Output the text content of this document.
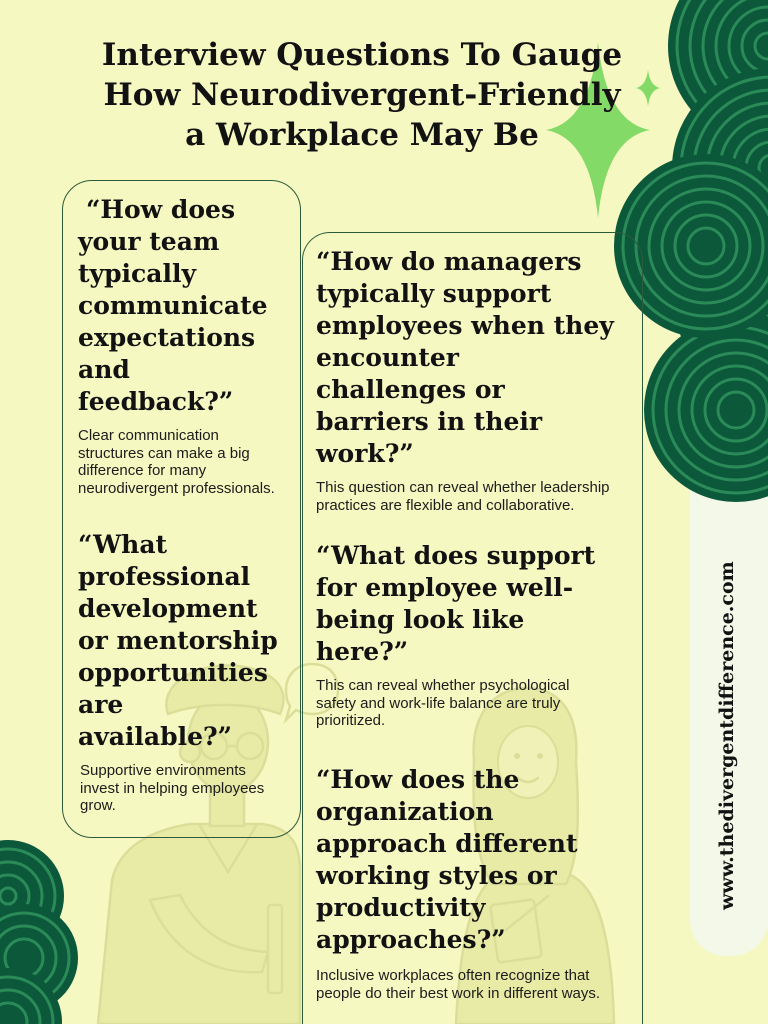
www.thedivergentdifference.com
Interview Questions To Gauge
How Neurodivergent-Friendly
a Workplace May Be
“How does
your team
typically
communicate
expectations
and
feedback?”
Clear communication
structures can make a big
difference for many
neurodivergent professionals.
“What
professional
development
or mentorship
opportunities
are
available?”
Supportive environments
invest in helping employees
grow.
“How do managers
typically support
employees when they
encounter
challenges or
barriers in their
work?”
This question can reveal whether leadership
practices are flexible and collaborative.
“What does support
for employee well-
being look like
here?”
This can reveal whether psychological
safety and work-life balance are truly
prioritized.
“How does the
organization
approach different
working styles or
productivity
approaches?”
Inclusive workplaces often recognize that
people do their best work in different ways.
